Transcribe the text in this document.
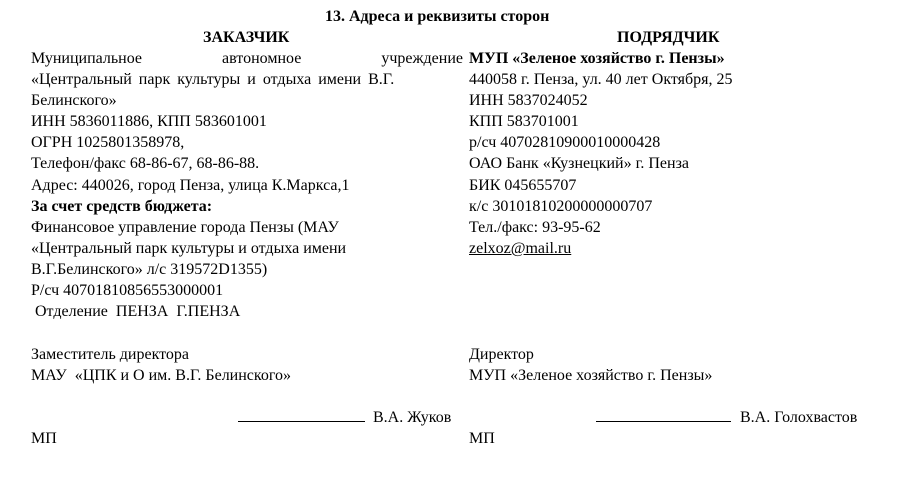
13. Адреса и реквизиты сторон
ЗАКАЗЧИК
Муниципальное	автономное	учреждение
«Центральный парк культуры и отдыха имени В.Г.
Белинского»
ИНН 5836011886, КПП 583601001
ОГРН 1025801358978,
Телефон/факс 68-86-67, 68-86-88.
Адрес: 440026, город Пенза, улица К.Маркса,1
За счет средств бюджета:
Финансовое управление города Пензы (МАУ
«Центральный парк культуры и отдыха имени
В.Г.Белинского» л/с 319572D1355)
Р/сч 40701810856553000001
Отделение  ПЕНЗА  Г.ПЕНЗА
Заместитель директора
МАУ  «ЦПК и О им. В.Г. Белинского»
В.А. Жуков
МП
ПОДРЯДЧИК
МУП «Зеленое хозяйство г. Пензы»
440058 г. Пенза, ул. 40 лет Октября, 25
ИНН 5837024052
КПП 583701001
р/сч 40702810900010000428
ОАО Банк «Кузнецкий» г. Пенза
БИК 045655707
к/с 30101810200000000707
Тел./факс: 93-95-62
zelxoz@mail.ru
Директор
МУП «Зеленое хозяйство г. Пензы»
В.А. Голохвастов
МП
